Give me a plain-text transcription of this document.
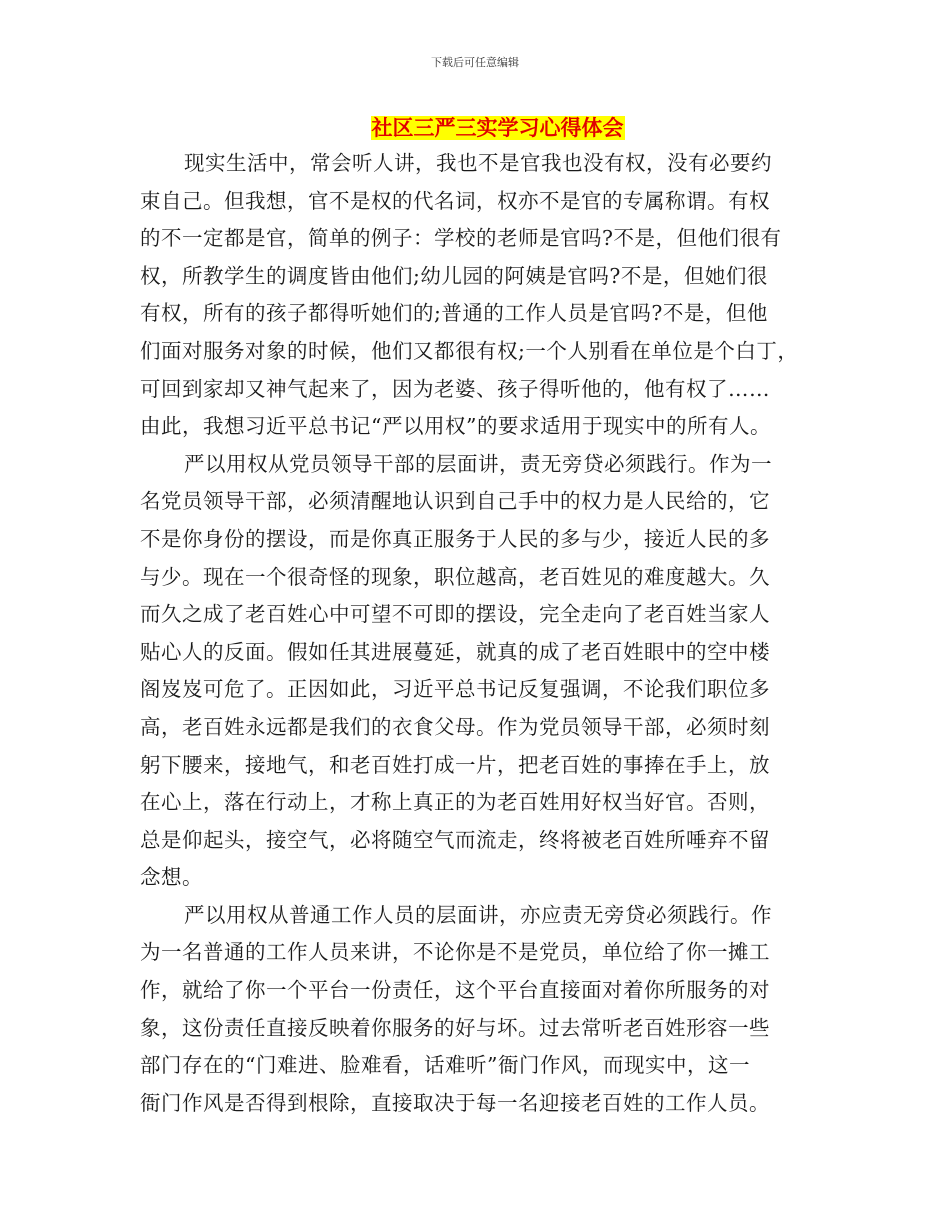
下载后可任意编辑
社区三严三实学习心得体会
现实生活中，常会听人讲，我也不是官我也没有权，没有必要约
束自己。但我想，官不是权的代名词，权亦不是官的专属称谓。有权
的不一定都是官，简单的例子：学校的老师是官吗?不是，但他们很有
权，所教学生的调度皆由他们;幼儿园的阿姨是官吗?不是，但她们很
有权，所有的孩子都得听她们的;普通的工作人员是官吗?不是，但他
们面对服务对象的时候，他们又都很有权;一个人别看在单位是个白丁，
可回到家却又神气起来了，因为老婆、孩子得听他的，他有权了……
由此，我想习近平总书记“严以用权”的要求适用于现实中的所有人。
严以用权从党员领导干部的层面讲，责无旁贷必须践行。作为一
名党员领导干部，必须清醒地认识到自己手中的权力是人民给的，它
不是你身份的摆设，而是你真正服务于人民的多与少，接近人民的多
与少。现在一个很奇怪的现象，职位越高，老百姓见的难度越大。久
而久之成了老百姓心中可望不可即的摆设，完全走向了老百姓当家人
贴心人的反面。假如任其进展蔓延，就真的成了老百姓眼中的空中楼
阁岌岌可危了。正因如此，习近平总书记反复强调，不论我们职位多
高，老百姓永远都是我们的衣食父母。作为党员领导干部，必须时刻
躬下腰来，接地气，和老百姓打成一片，把老百姓的事捧在手上，放
在心上，落在行动上，才称上真正的为老百姓用好权当好官。否则，
总是仰起头，接空气，必将随空气而流走，终将被老百姓所唾弃不留
念想。
严以用权从普通工作人员的层面讲，亦应责无旁贷必须践行。作
为一名普通的工作人员来讲，不论你是不是党员，单位给了你一摊工
作，就给了你一个平台一份责任，这个平台直接面对着你所服务的对
象，这份责任直接反映着你服务的好与坏。过去常听老百姓形容一些
部门存在的“门难进、脸难看，话难听”衙门作风，而现实中，这一
衙门作风是否得到根除，直接取决于每一名迎接老百姓的工作人员。
